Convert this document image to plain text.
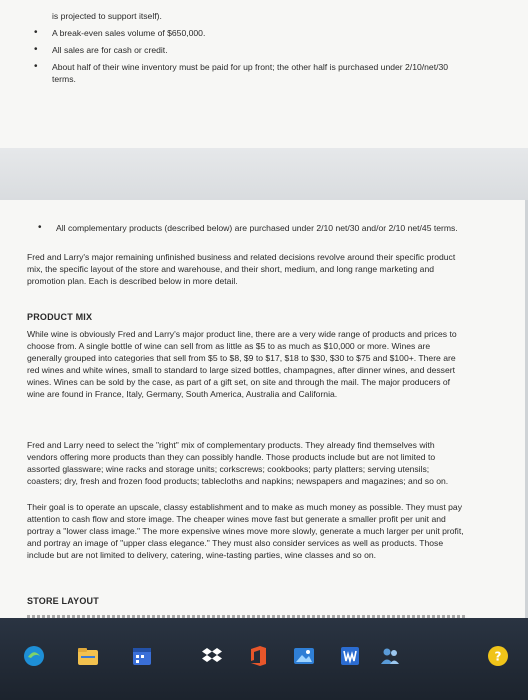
is projected to support itself).
• A break-even sales volume of $650,000.
• All sales are for cash or credit.
• About half of their wine inventory must be paid for up front; the other half is purchased under 2/10/net/30 terms.
• All complementary products (described below) are purchased under 2/10 net/30 and/or 2/10 net/45 terms.

Fred and Larry's major remaining unfinished business and related decisions revolve around their specific product mix, the specific layout of the store and warehouse, and their short, medium, and long range marketing and promotion plan. Each is described below in more detail.

PRODUCT MIX

While wine is obviously Fred and Larry's major product line, there are a very wide range of products and prices to choose from. A single bottle of wine can sell from as little as $5 to as much as $10,000 or more. Wines are generally grouped into categories that sell from $5 to $8, $9 to $17, $18 to $30, $30 to $75 and $100+. There are red wines and white wines, small to standard to large sized bottles, champagnes, after dinner wines, and dessert wines. Wines can be sold by the case, as part of a gift set, on site and through the mail. The major producers of wine are found in France, Italy, Germany, South America, Australia and California.

Fred and Larry need to select the "right" mix of complementary products. They already find themselves with vendors offering more products than they can possibly handle. Those products include but are not limited to assorted glassware; wine racks and storage units; corkscrews; cookbooks; party platters; serving utensils; coasters; dry, fresh and frozen food products; tablecloths and napkins; newspapers and magazines; and so on.

Their goal is to operate an upscale, classy establishment and to make as much money as possible. They must pay attention to cash flow and store image. The cheaper wines move fast but generate a smaller profit per unit and portray a "lower class image." The more expensive wines move more slowly, generate a much larger per unit profit, and portray an image of "upper class elegance." They must also consider services as well as products. Those include but are not limited to delivery, catering, wine-tasting parties, wine classes and so on.

STORE LAYOUT
?
